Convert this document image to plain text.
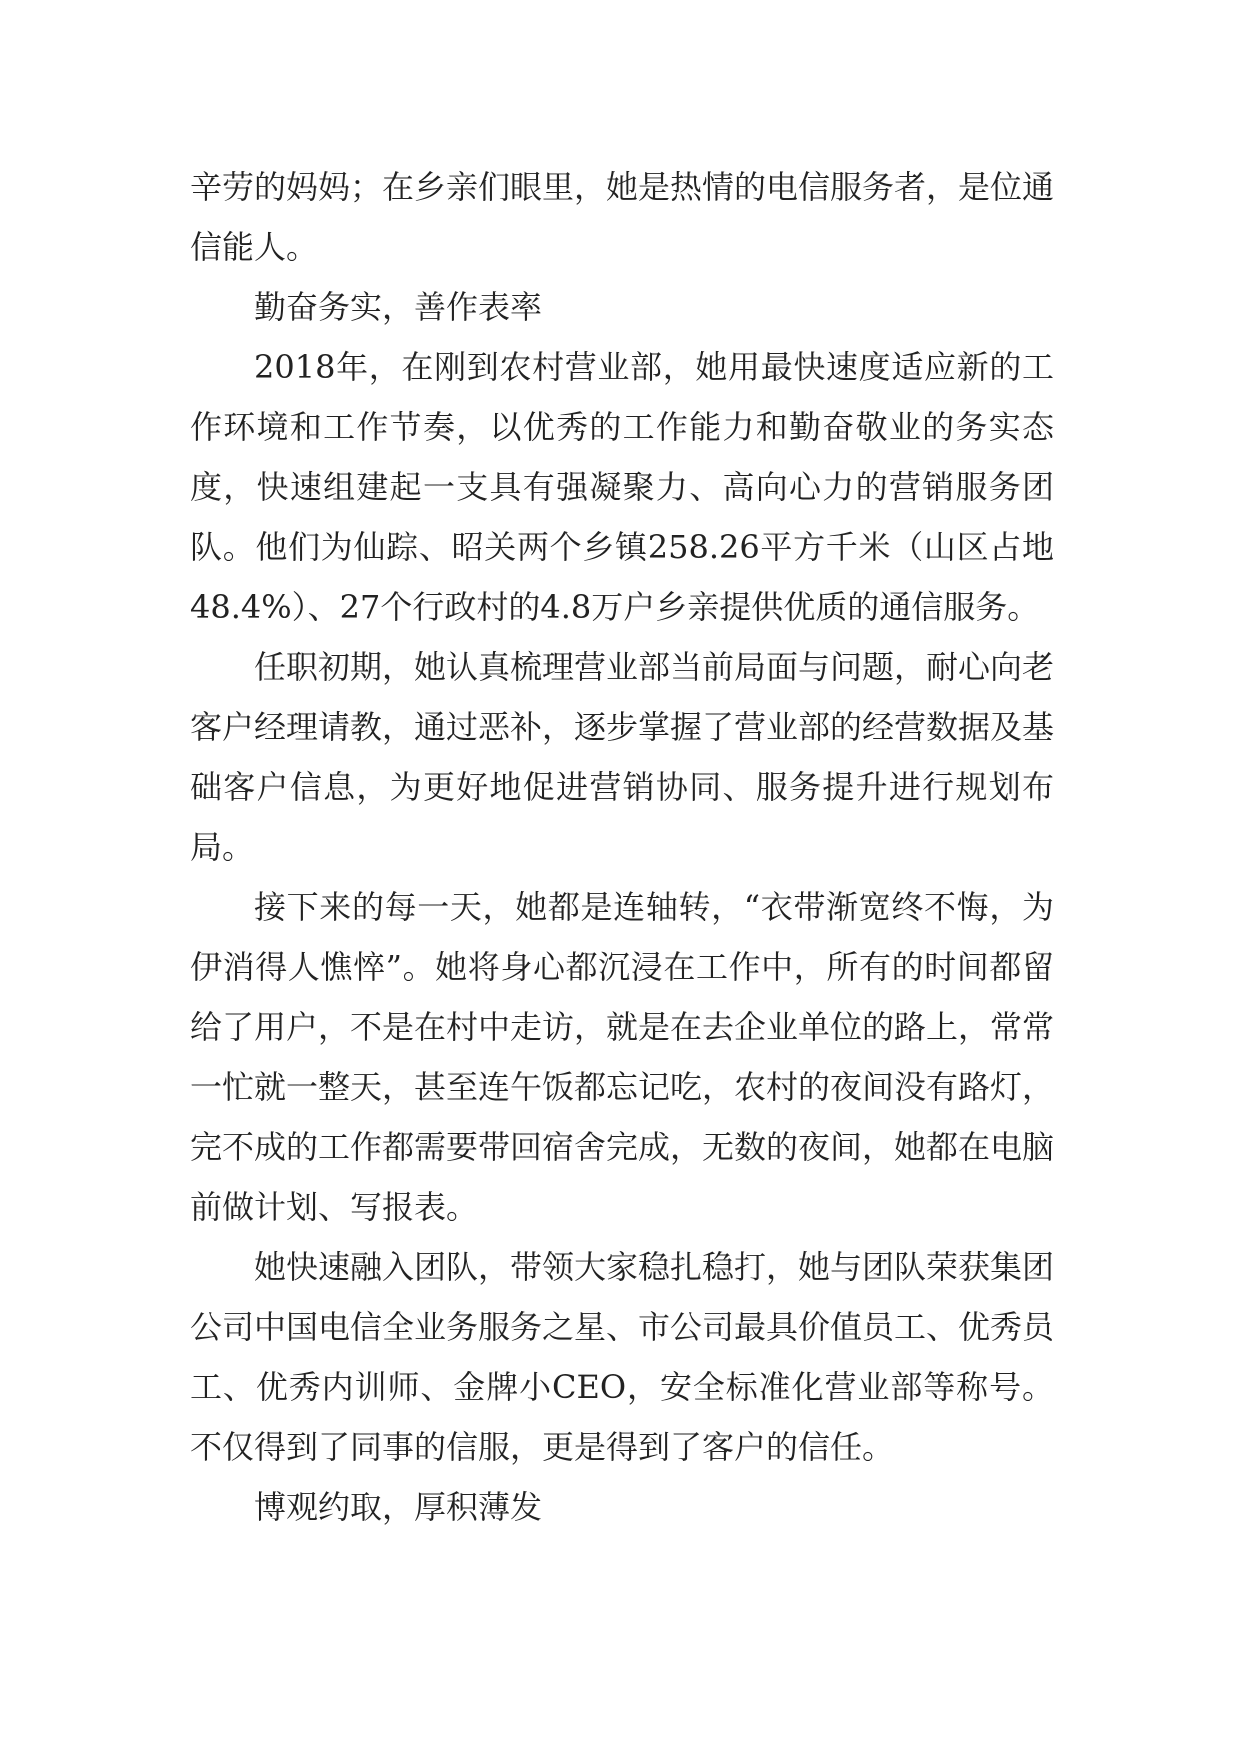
辛劳的妈妈；在乡亲们眼里，她是热情的电信服务者，是位通信能人。

勤奋务实，善作表率

2018年，在刚到农村营业部，她用最快速度适应新的工作环境和工作节奏，以优秀的工作能力和勤奋敬业的务实态度，快速组建起一支具有强凝聚力、高向心力的营销服务团队。他们为仙踪、昭关两个乡镇258.26平方千米（山区占地48.4%）、27个行政村的4.8万户乡亲提供优质的通信服务。

任职初期，她认真梳理营业部当前局面与问题，耐心向老客户经理请教，通过恶补，逐步掌握了营业部的经营数据及基础客户信息，为更好地促进营销协同、服务提升进行规划布局。

接下来的每一天，她都是连轴转，“衣带渐宽终不悔，为伊消得人憔悴”。她将身心都沉浸在工作中，所有的时间都留给了用户，不是在村中走访，就是在去企业单位的路上，常常一忙就一整天，甚至连午饭都忘记吃，农村的夜间没有路灯，完不成的工作都需要带回宿舍完成，无数的夜间，她都在电脑前做计划、写报表。

她快速融入团队，带领大家稳扎稳打，她与团队荣获集团公司中国电信全业务服务之星、市公司最具价值员工、优秀员工、优秀内训师、金牌小CEO，安全标准化营业部等称号。不仅得到了同事的信服，更是得到了客户的信任。

博观约取，厚积薄发
